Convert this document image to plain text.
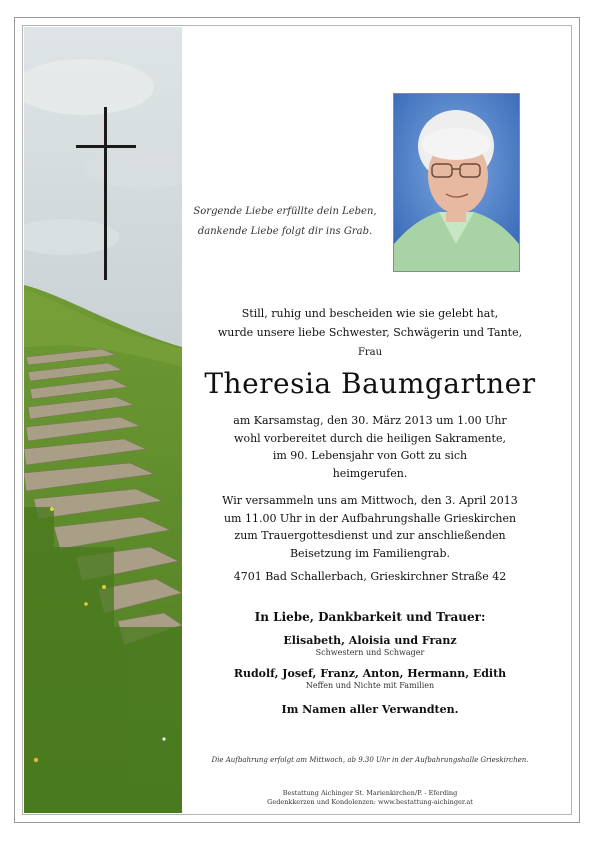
Sorgende Liebe erfüllte dein Leben,
dankende Liebe folgt dir ins Grab.
Still, ruhig und bescheiden wie sie gelebt hat,
wurde unsere liebe Schwester, Schwägerin und Tante,
Frau
Theresia Baumgartner
am Karsamstag, den 30. März 2013 um 1.00 Uhr
wohl vorbereitet durch die heiligen Sakramente,
im 90. Lebensjahr von Gott zu sich
heimgerufen.
Wir versammeln uns am Mittwoch, den 3. April 2013
um 11.00 Uhr in der Aufbahrungshalle Grieskirchen
zum Trauergottesdienst und zur anschließenden
Beisetzung im Familiengrab.
4701 Bad Schallerbach, Grieskirchner Straße 42
In Liebe, Dankbarkeit und Trauer:
Elisabeth, Aloisia und Franz
Schwestern und Schwager
Rudolf, Josef, Franz, Anton, Hermann, Edith
Neffen und Nichte mit Familien
Im Namen aller Verwandten.
Die Aufbahrung erfolgt am Mittwoch, ab 9.30 Uhr in der Aufbahrungshalle Grieskirchen.
Bestattung Aichinger St. Marienkirchen/P. - Eferding
Gedenkkerzen und Kondolenzen: www.bestattung-aichinger.at
